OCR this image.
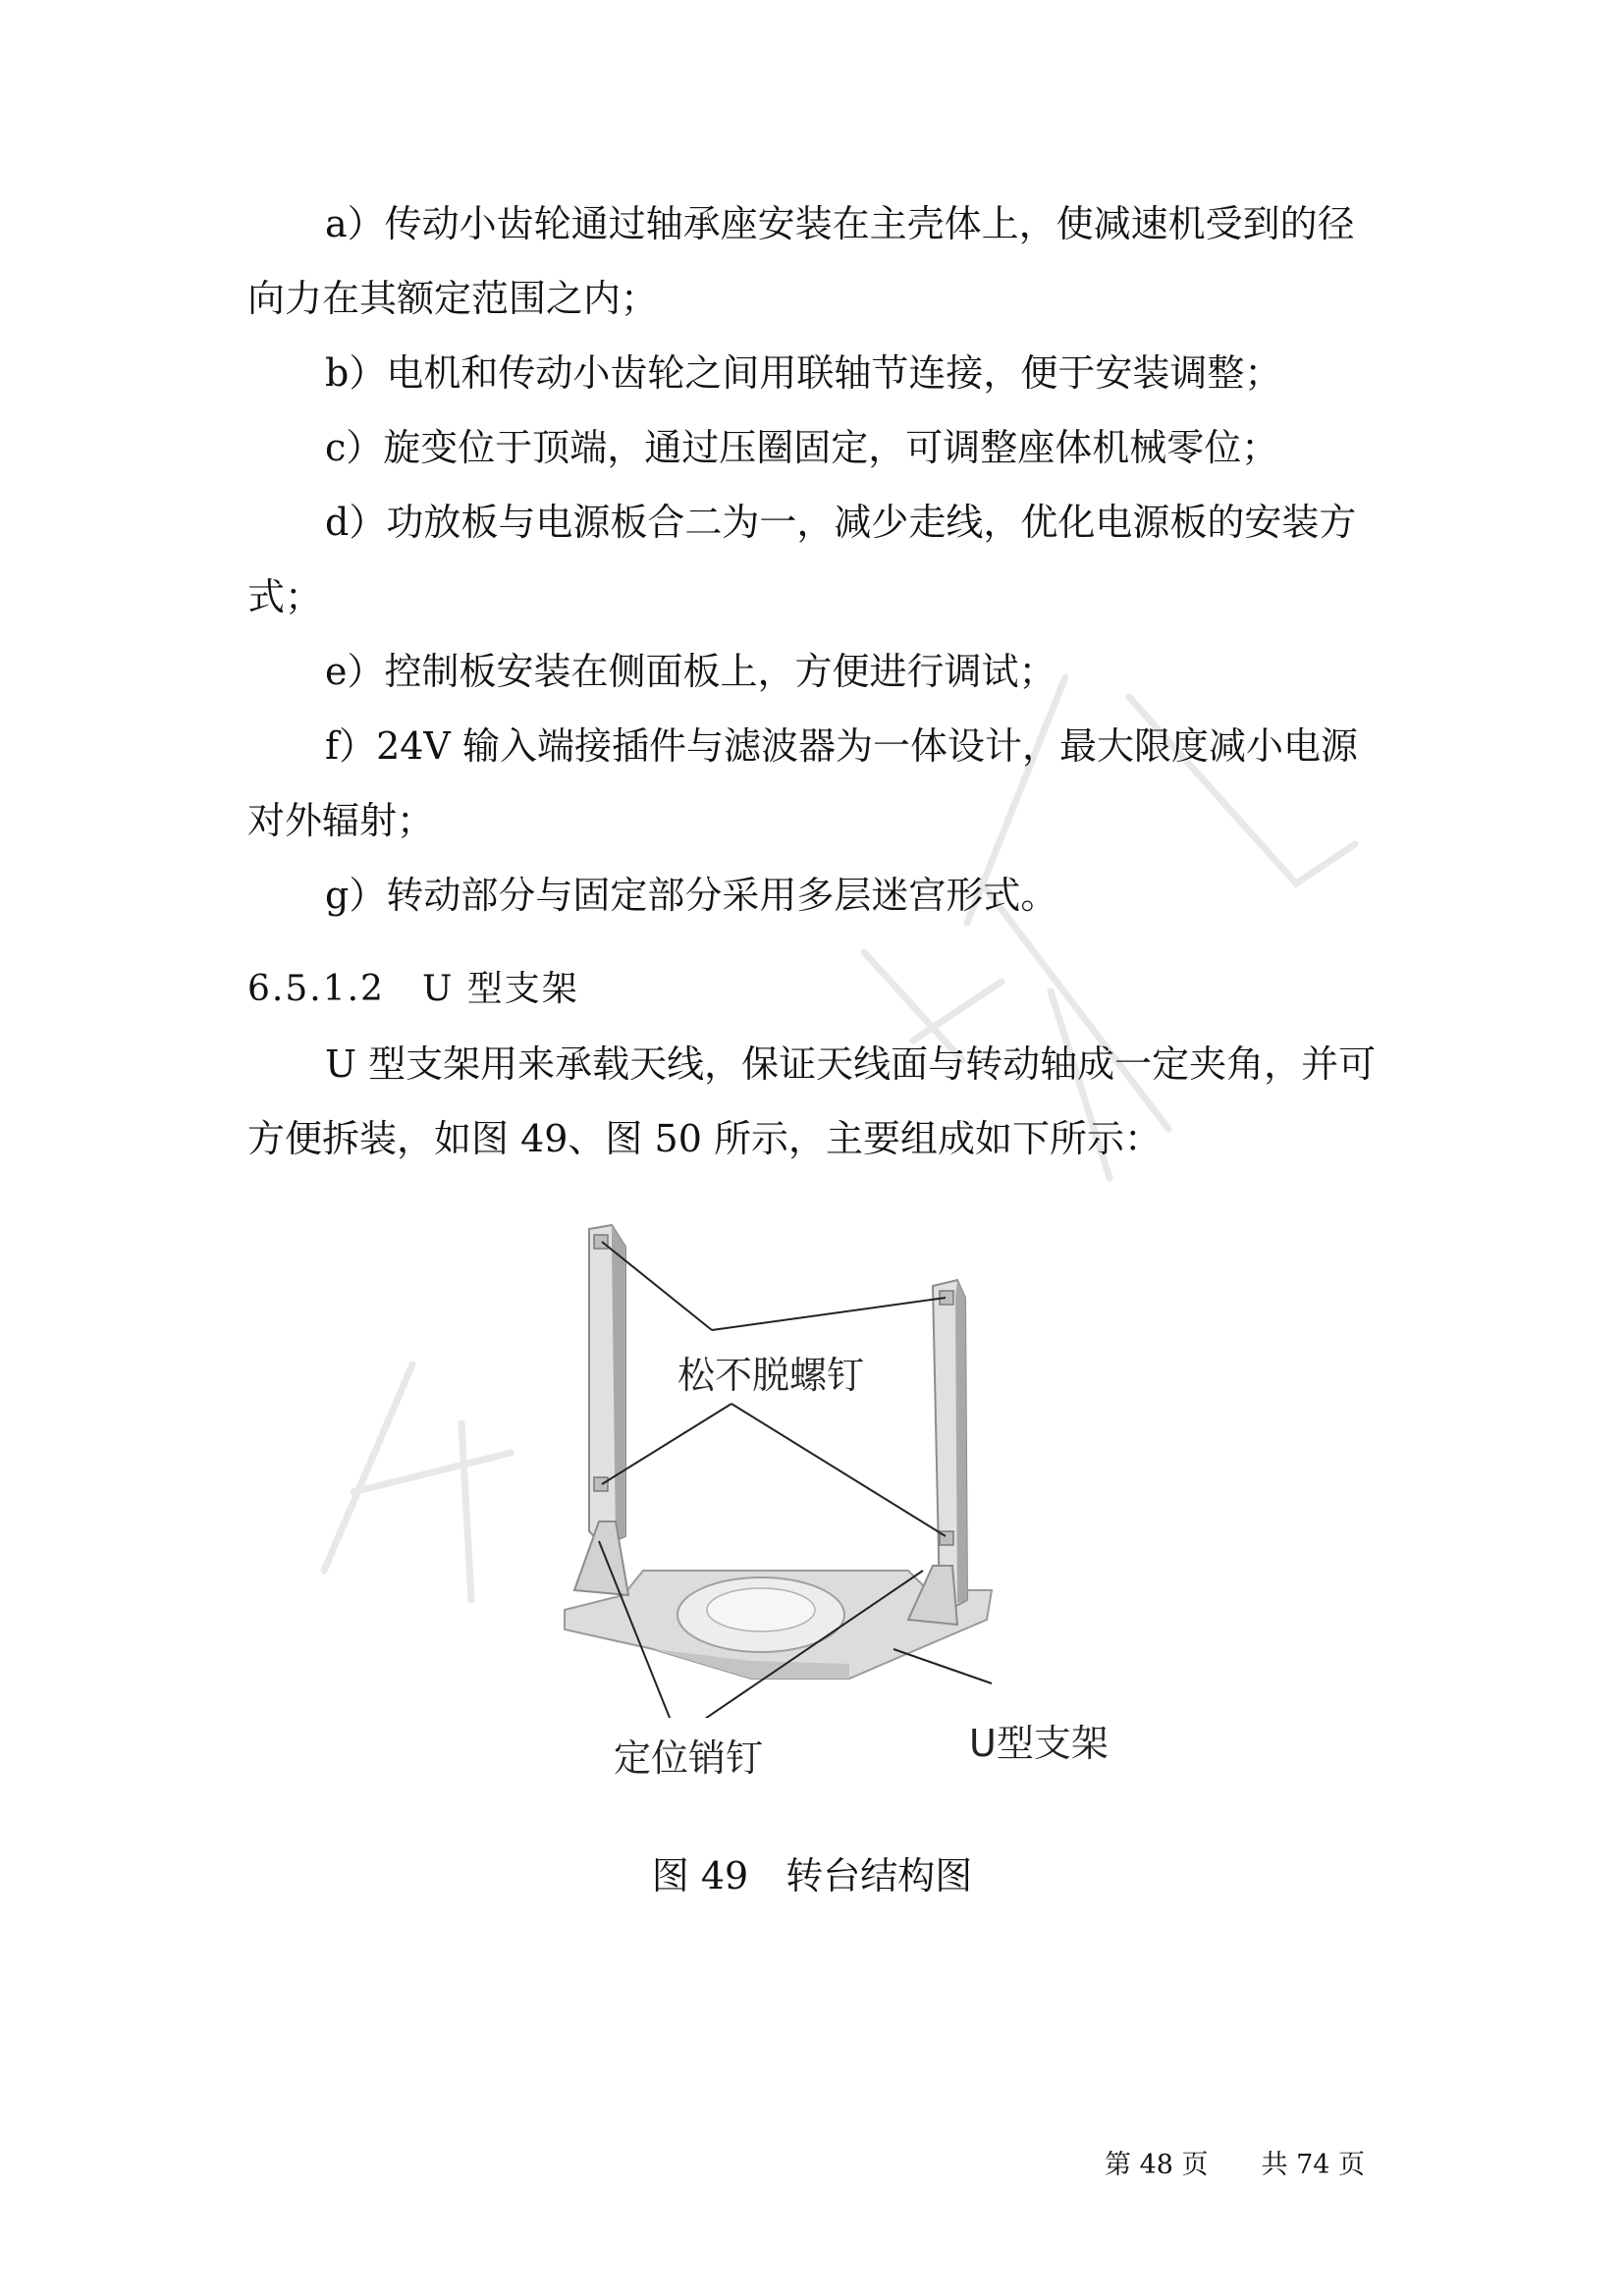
a）传动小齿轮通过轴承座安装在主壳体上，使减速机受到的径

向力在其额定范围之内；

b）电机和传动小齿轮之间用联轴节连接，便于安装调整；

c）旋变位于顶端，通过压圈固定，可调整座体机械零位；

d）功放板与电源板合二为一，减少走线，优化电源板的安装方

式；

e）控制板安装在侧面板上，方便进行调试；

f）24V 输入端接插件与滤波器为一体设计，最大限度减小电源

对外辐射；

g）转动部分与固定部分采用多层迷宫形式。

6.5.1.2　U 型支架

U 型支架用来承载天线，保证天线面与转动轴成一定夹角，并可

方便拆装，如图 49、图 50 所示，主要组成如下所示：

松不脱螺钉
定位销钉	U型支架
图 49　转台结构图
第 48 页　　共 74 页
